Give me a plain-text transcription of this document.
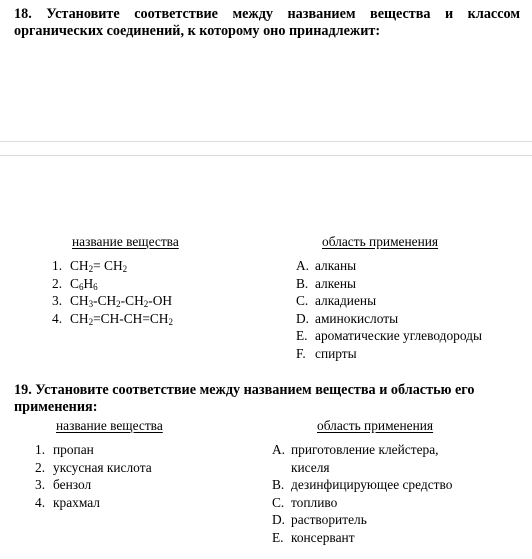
18. Установите соответствие между названием вещества и классом органических соединений, к которому оно принадлежит:
название вещества	область применения
1. $CH_2= CH_2$
2. $C_6H_6$
3. $CH_3-CH_2-CH_2-OH$
4. $CH_2=CH-CH=CH_2$
A. алканы
B. алкены
C. алкадиены
D. аминокислоты
E. ароматические углеводороды
F. спирты
19. Установите соответствие между названием вещества и областью его применения:
название вещества	область применения
1. пропан
2. уксусная кислота
3. бензол
4. крахмал
A. приготовление клейстера, киселя
B. дезинфицирующее средство
C. топливо
D. растворитель
E. консервант
